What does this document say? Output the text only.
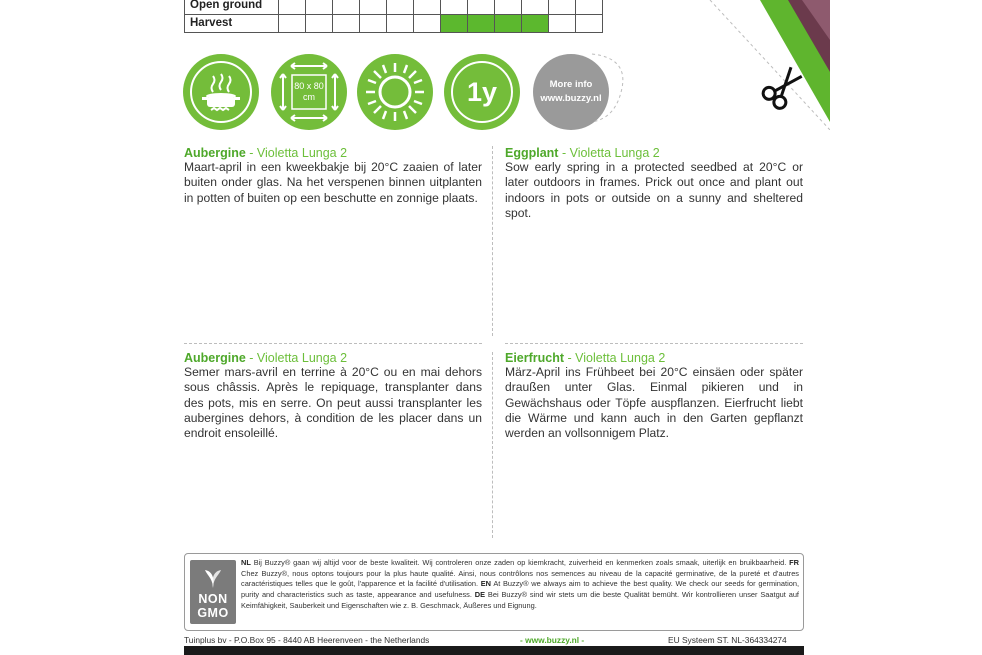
Open ground												
Harvest												
80 x 80
cm	1y	More info
www.buzzy.nl
Aubergine - Violetta Lunga 2

Maart-april in een kweekbakje bij 20°C zaaien of later buiten onder glas. Na het verspenen binnen uitplanten in potten of buiten op een beschutte en zonnige plaats.

Eggplant - Violetta Lunga 2

Sow early spring in a protected seedbed at 20°C or later outdoors in frames. Prick out once and plant out indoors in pots or outside on a sunny and sheltered spot.

Aubergine - Violetta Lunga 2

Semer mars-avril en terrine à 20°C ou en mai dehors sous châssis. Après le repiquage, transplanter dans des pots, mis en serre. On peut aussi transplanter les aubergines dehors, à condition de les placer dans un endroit ensoleillé.

Eierfrucht - Violetta Lunga 2

März-April ins Frühbeet bei 20°C einsäen oder später draußen unter Glas. Einmal pikieren und in Gewächshaus oder Töpfe auspflanzen. Eierfrucht liebt die Wärme und kann auch in den Garten gepflanzt werden an vollsonnigem Platz.

NON
GMO
NL Bij Buzzy® gaan wij altijd voor de beste kwaliteit. Wij controleren onze zaden op kiemkracht, zuiverheid en kenmerken zoals smaak, uiterlijk en bruikbaarheid. FR Chez Buzzy®, nous optons toujours pour la plus haute qualité. Ainsi, nous contrôlons nos semences au niveau de la capacité germinative, de la pureté et d'autres caractéristiques telles que le goût, l'apparence et la facilité d'utilisation. EN At Buzzy® we always aim to achieve the best quality. We check our seeds for germination, purity and characteristics such as taste, appearance and usefulness. DE Bei Buzzy® sind wir stets um die beste Qualität bemüht. Wir kontrollieren unser Saatgut auf Keimfähigkeit, Sauberkeit und Eigenschaften wie z. B. Geschmack, Äußeres und Eignung.
Tuinplus bv - P.O.Box 95 - 8440 AB Heerenveen - the Netherlands	- www.buzzy.nl -	EU Systeem ST. NL-364334274
